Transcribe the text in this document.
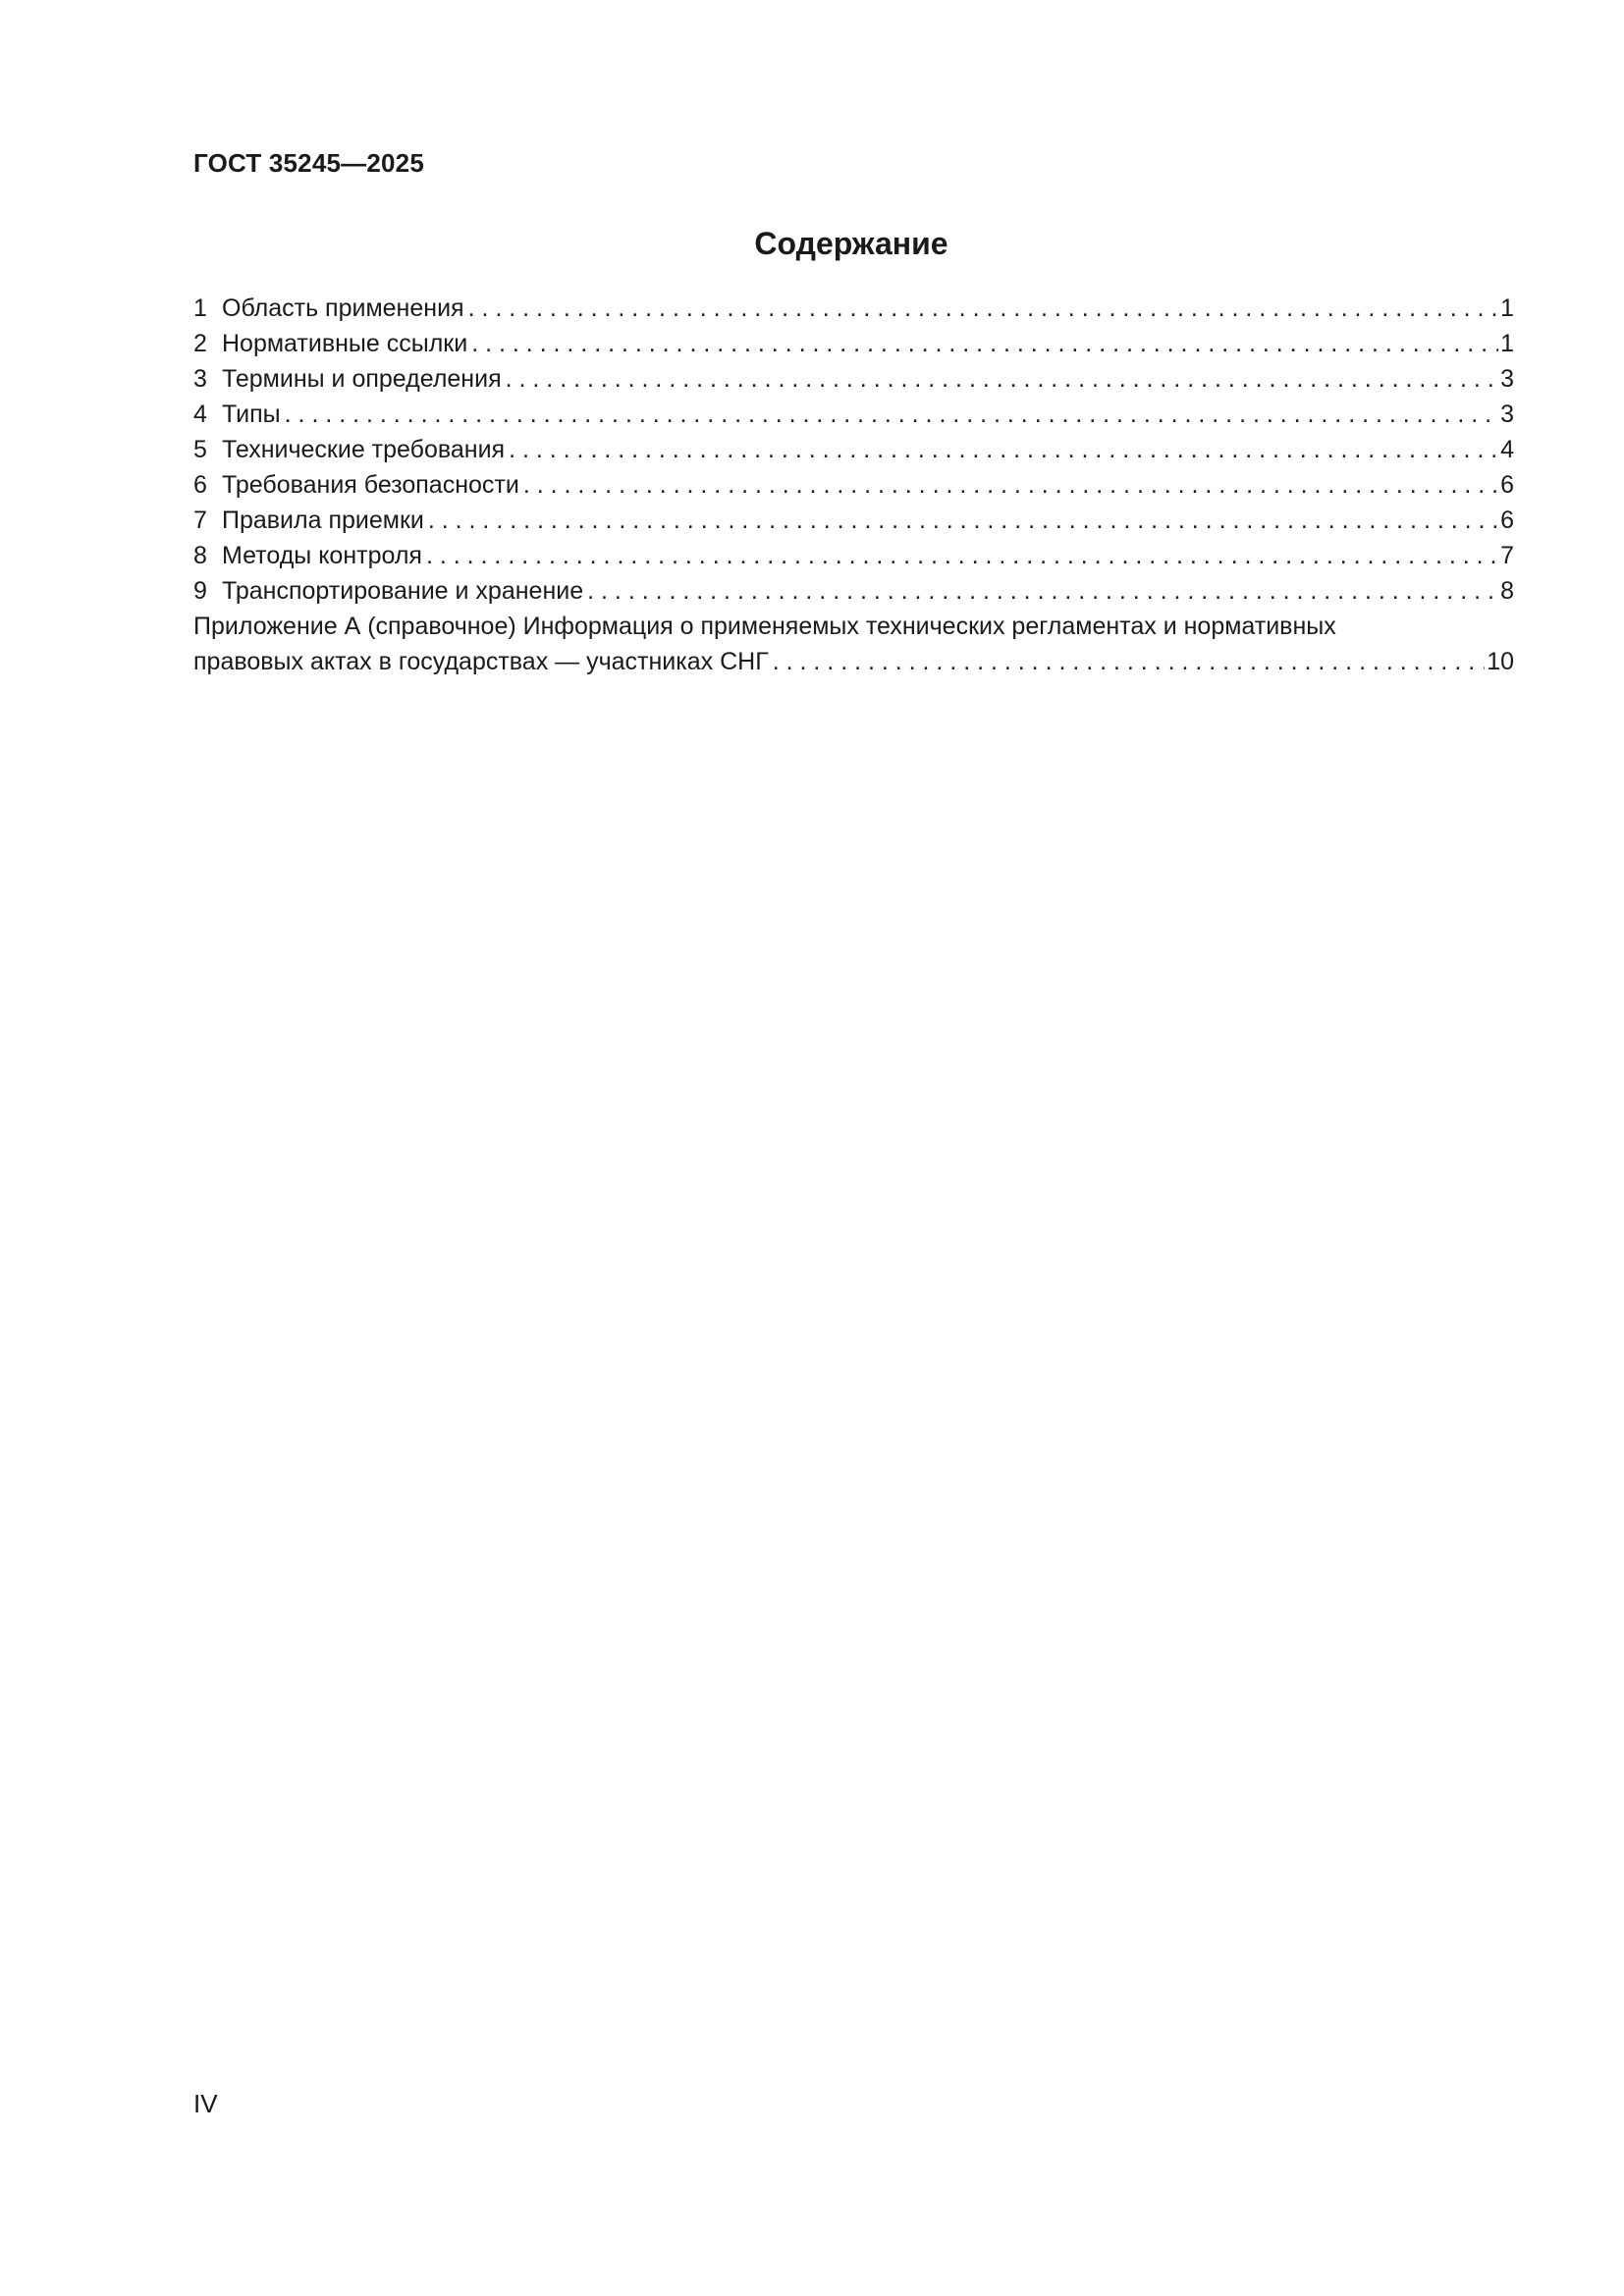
ГОСТ 35245—2025
Содержание
1 Область применения . . .	1
2 Нормативные ссылки . . .	1
3 Термины и определения . . .	3
4 Типы . . .	3
5 Технические требования . . .	4
6 Требования безопасности . . .	6
7 Правила приемки . . .	6
8 Методы контроля . . .	7
9 Транспортирование и хранение . . .	8
Приложение А (справочное) Информация о применяемых технических регламентах и нормативных
правовых актах в государствах — участниках СНГ . . .	10
IV
